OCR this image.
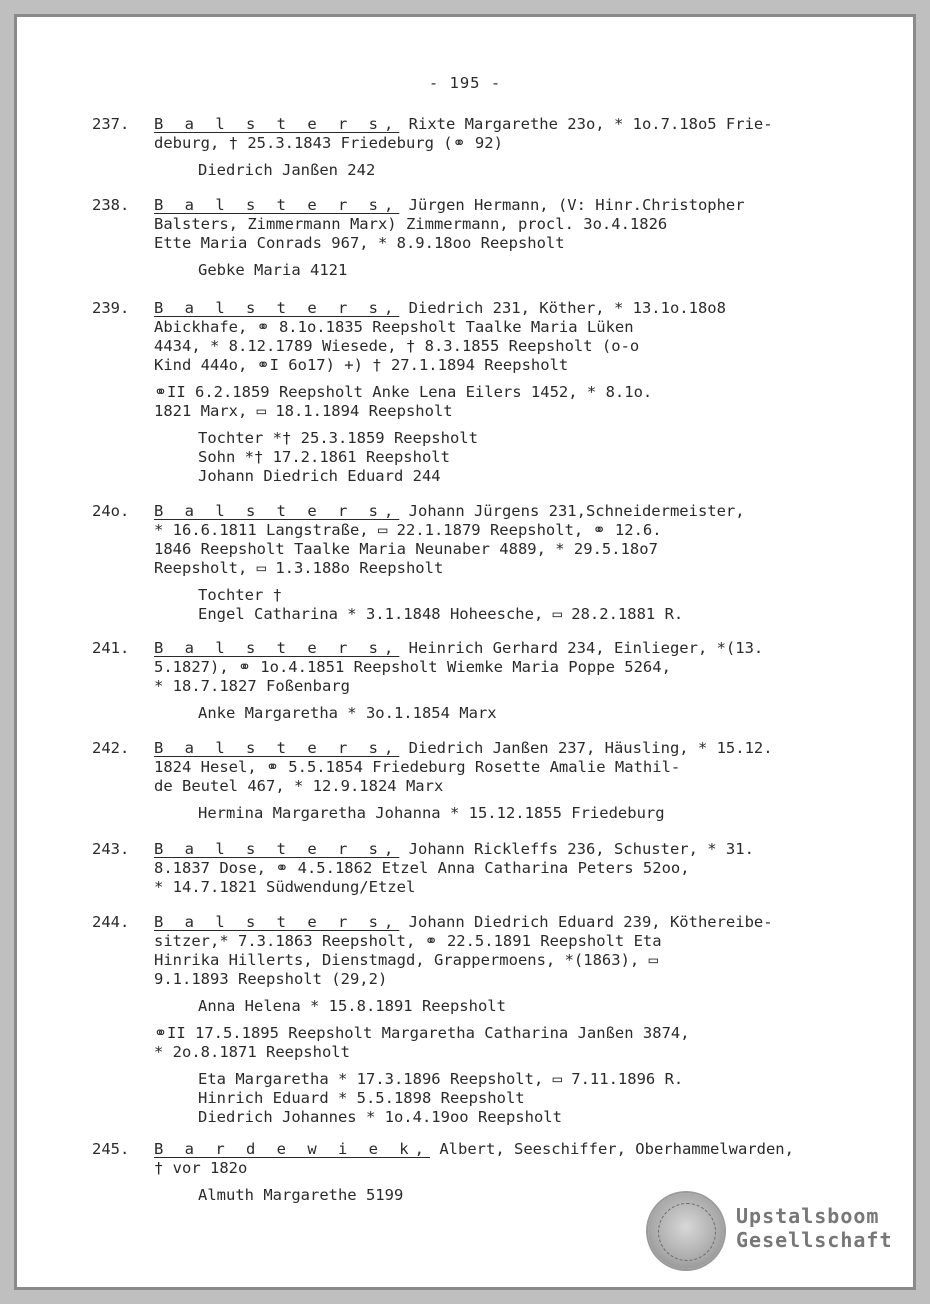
- 195 -
237.	B a l s t e r s, Rixte Margarethe 23o, * 1o.7.18o5 Frie-
deburg, † 25.3.1843 Friedeburg (⚭ 92)
Diedrich Janßen 242
238.	B a l s t e r s, Jürgen Hermann, (V: Hinr.Christopher
Balsters, Zimmermann Marx) Zimmermann, procl. 3o.4.1826
Ette Maria Conrads 967, * 8.9.18oo Reepsholt
Gebke Maria 4121
239.	B a l s t e r s, Diedrich 231, Köther, * 13.1o.18o8
Abickhafe, ⚭ 8.1o.1835 Reepsholt Taalke Maria Lüken
4434, * 8.12.1789 Wiesede, † 8.3.1855 Reepsholt (o-o
Kind 444o, ⚭I 6o17) +) † 27.1.1894 Reepsholt
⚭II 6.2.1859 Reepsholt Anke Lena Eilers 1452, * 8.1o.
1821 Marx, ▭ 18.1.1894 Reepsholt
Tochter *† 25.3.1859 Reepsholt
Sohn *† 17.2.1861 Reepsholt
Johann Diedrich Eduard 244
24o.	B a l s t e r s, Johann Jürgens 231,Schneidermeister,
* 16.6.1811 Langstraße, ▭ 22.1.1879 Reepsholt, ⚭ 12.6.
1846 Reepsholt Taalke Maria Neunaber 4889, * 29.5.18o7
Reepsholt, ▭ 1.3.188o Reepsholt
Tochter †
Engel Catharina * 3.1.1848 Hoheesche, ▭ 28.2.1881 R.
241.	B a l s t e r s, Heinrich Gerhard 234, Einlieger, *(13.
5.1827), ⚭ 1o.4.1851 Reepsholt Wiemke Maria Poppe 5264,
* 18.7.1827 Foßenbarg
Anke Margaretha * 3o.1.1854 Marx
242.	B a l s t e r s, Diedrich Janßen 237, Häusling, * 15.12.
1824 Hesel, ⚭ 5.5.1854 Friedeburg Rosette Amalie Mathil-
de Beutel 467, * 12.9.1824 Marx
Hermina Margaretha Johanna * 15.12.1855 Friedeburg
243.	B a l s t e r s, Johann Rickleffs 236, Schuster, * 31.
8.1837 Dose, ⚭ 4.5.1862 Etzel Anna Catharina Peters 52oo,
* 14.7.1821 Südwendung/Etzel
244.	B a l s t e r s, Johann Diedrich Eduard 239, Köthereibe-
sitzer,* 7.3.1863 Reepsholt, ⚭ 22.5.1891 Reepsholt Eta
Hinrika Hillerts, Dienstmagd, Grappermoens, *(1863), ▭
9.1.1893 Reepsholt (29,2)
Anna Helena * 15.8.1891 Reepsholt
⚭II 17.5.1895 Reepsholt Margaretha Catharina Janßen 3874,
* 2o.8.1871 Reepsholt
Eta Margaretha * 17.3.1896 Reepsholt, ▭ 7.11.1896 R.
Hinrich Eduard * 5.5.1898 Reepsholt
Diedrich Johannes * 1o.4.19oo Reepsholt
245.	B a r d e w i e k, Albert, Seeschiffer, Oberhammelwarden,
† vor 182o
Almuth Margarethe 5199
Upstalsboom
Gesellschaft
